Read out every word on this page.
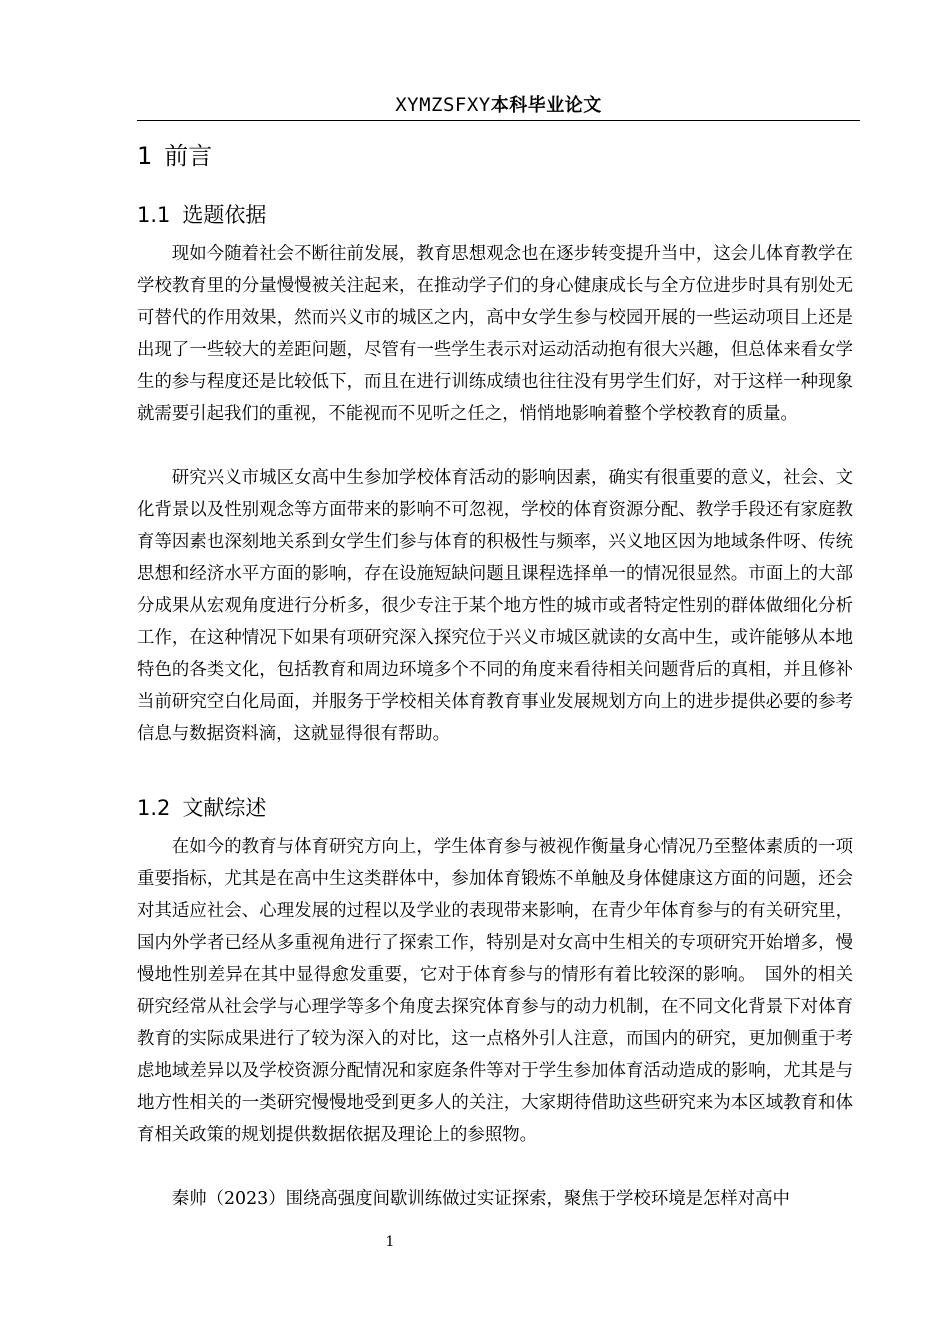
XYMZSFXY本科毕业论文
1 前言
1.1 选题依据

现如今随着社会不断往前发展，教育思想观念也在逐步转变提升当中，这会儿体育教学在学校教育里的分量慢慢被关注起来，在推动学子们的身心健康成长与全方位进步时具有别处无可替代的作用效果，然而兴义市的城区之内，高中女学生参与校园开展的一些运动项目上还是出现了一些较大的差距问题，尽管有一些学生表示对运动活动抱有很大兴趣，但总体来看女学生的参与程度还是比较低下，而且在进行训练成绩也往往没有男学生们好，对于这样一种现象就需要引起我们的重视，不能视而不见听之任之，悄悄地影响着整个学校教育的质量。

研究兴义市城区女高中生参加学校体育活动的影响因素，确实有很重要的意义，社会、文化背景以及性别观念等方面带来的影响不可忽视，学校的体育资源分配、教学手段还有家庭教育等因素也深刻地关系到女学生们参与体育的积极性与频率，兴义地区因为地域条件呀、传统思想和经济水平方面的影响，存在设施短缺问题且课程选择单一的情况很显然。市面上的大部分成果从宏观角度进行分析多，很少专注于某个地方性的城市或者特定性别的群体做细化分析工作，在这种情况下如果有项研究深入探究位于兴义市城区就读的女高中生，或许能够从本地特色的各类文化，包括教育和周边环境多个不同的角度来看待相关问题背后的真相，并且修补当前研究空白化局面，并服务于学校相关体育教育事业发展规划方向上的进步提供必要的参考信息与数据资料滴，这就显得很有帮助。

1.2 文献综述

在如今的教育与体育研究方向上，学生体育参与被视作衡量身心情况乃至整体素质的一项重要指标，尤其是在高中生这类群体中，参加体育锻炼不单触及身体健康这方面的问题，还会对其适应社会、心理发展的过程以及学业的表现带来影响，在青少年体育参与的有关研究里，国内外学者已经从多重视角进行了探索工作，特别是对女高中生相关的专项研究开始增多，慢慢地性别差异在其中显得愈发重要，它对于体育参与的情形有着比较深的影响。　国外的相关研究经常从社会学与心理学等多个角度去探究体育参与的动力机制，在不同文化背景下对体育教育的实际成果进行了较为深入的对比，这一点格外引人注意，而国内的研究，更加侧重于考虑地域差异以及学校资源分配情况和家庭条件等对于学生参加体育活动造成的影响，尤其是与地方性相关的一类研究慢慢地受到更多人的关注，大家期待借助这些研究来为本区域教育和体育相关政策的规划提供数据依据及理论上的参照物。

秦帅（2023）围绕高强度间歇训练做过实证探索，聚焦于学校环境是怎样对高中

1
